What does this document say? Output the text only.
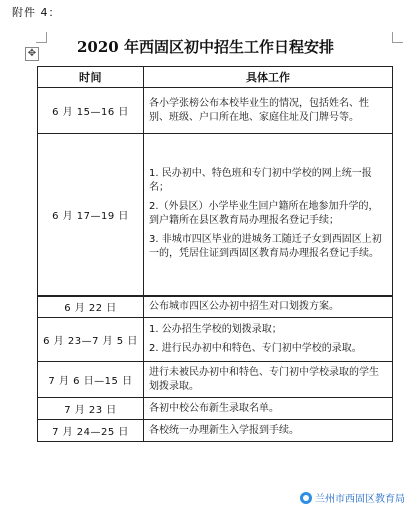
附件 4：
✥	2020 年西固区初中招生工作日程安排
时间	具体工作
6 月 15—16 日	各小学张榜公布本校毕业生的情况，包括姓名、性别、班级、户口所在地、家庭住址及门牌号等。

6 月 17—19 日	1. 民办初中、特色班和专门初中学校的网上统一报名；

2.（外县区）小学毕业生回户籍所在地参加升学的，到户籍所在县区教育局办理报名登记手续；

3. 非城市四区毕业的进城务工随迁子女到西固区上初一的，凭居住证到西固区教育局办理报名登记手续。

6 月 22 日	公布城市四区公办初中招生对口划拨方案。

6 月 23—7 月 5 日	1. 公办招生学校的划拨录取；

2. 进行民办初中和特色、专门初中学校的录取。

7 月 6 日—15 日	进行未被民办初中和特色、专门初中学校录取的学生划拨录取。

7 月 23 日	各初中校公布新生录取名单。

7 月 24—25 日	各校统一办理新生入学报到手续。

兰州市西固区教育局
